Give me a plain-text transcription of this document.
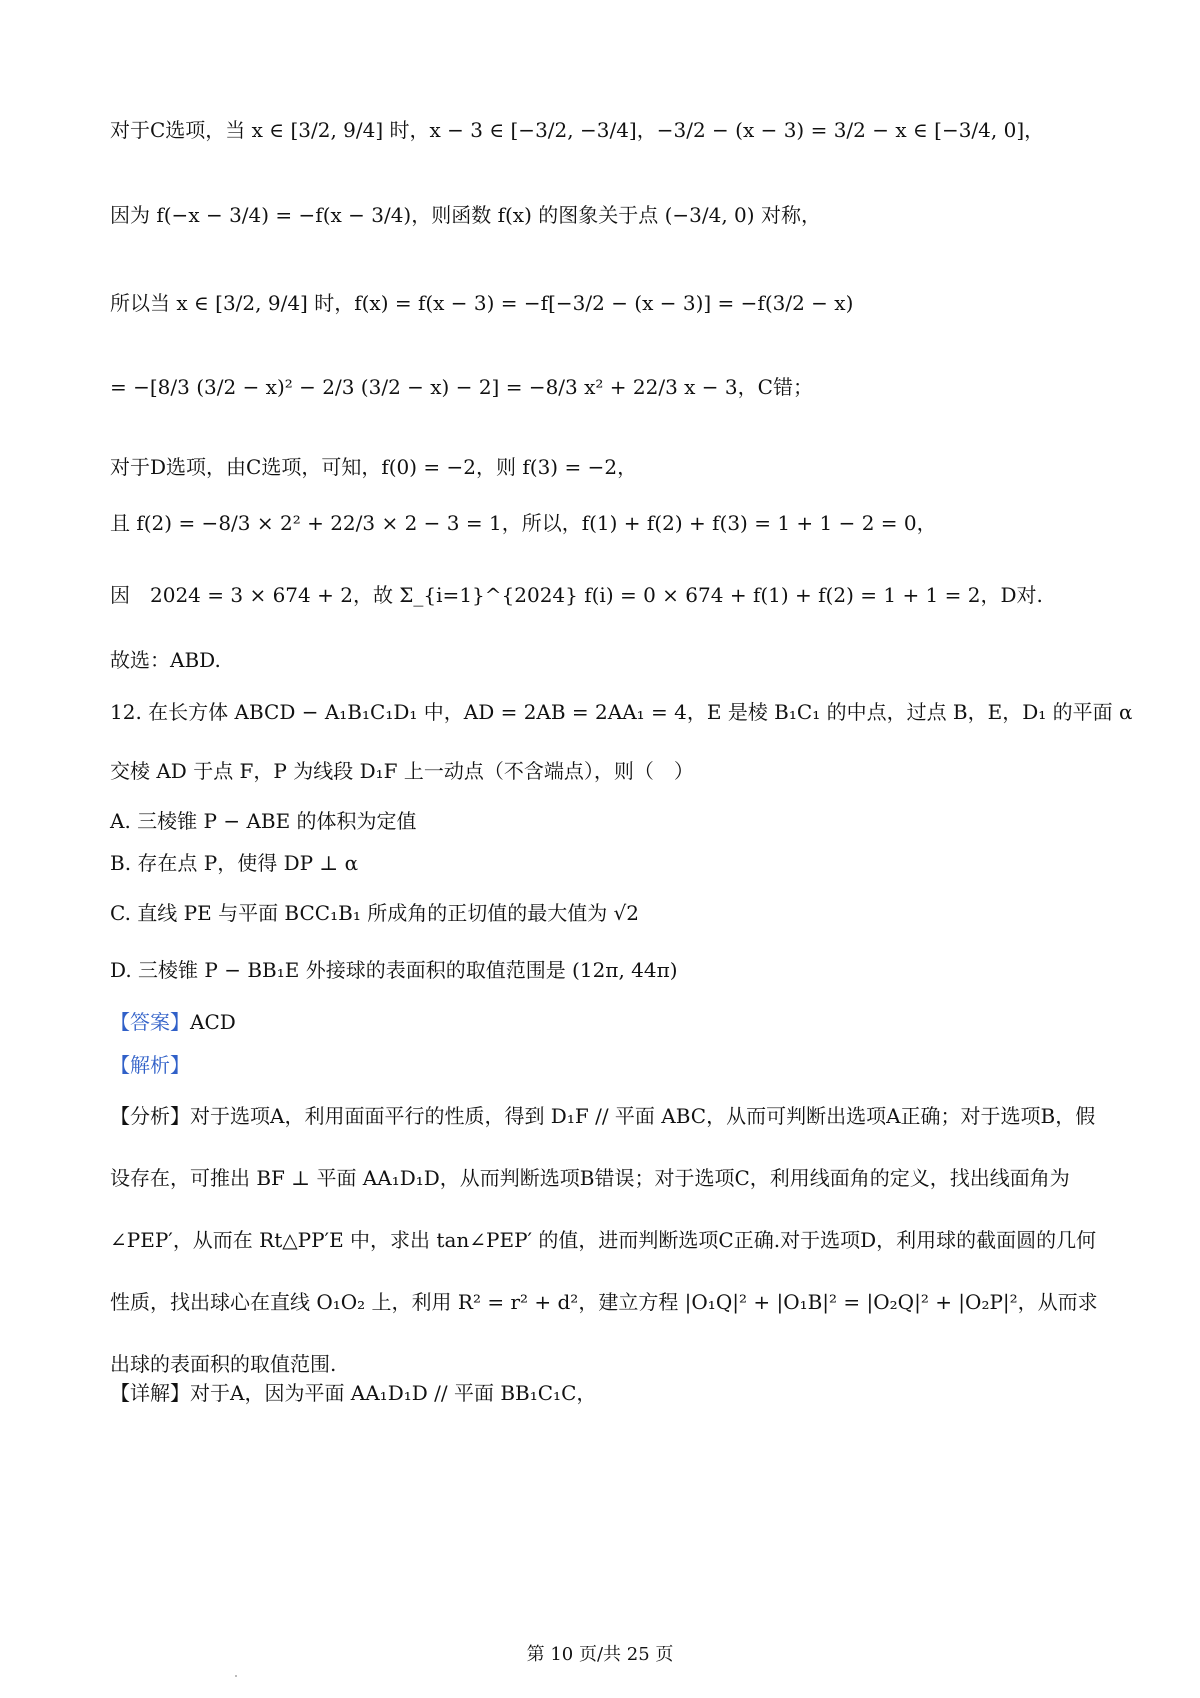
对于C选项，当 x ∈ [3/2, 9/4] 时，x − 3 ∈ [−3/2, −3/4]，−3/2 − (x − 3) = 3/2 − x ∈ [−3/4, 0]，
因为 f(−x − 3/4) = −f(x − 3/4)，则函数 f(x) 的图象关于点 (−3/4, 0) 对称，
所以当 x ∈ [3/2, 9/4] 时，f(x) = f(x − 3) = −f[−3/2 − (x − 3)] = −f(3/2 − x)
= −[8/3 (3/2 − x)² − 2/3 (3/2 − x) − 2] = −8/3 x² + 22/3 x − 3，C错；
对于D选项，由C选项，可知，f(0) = −2，则 f(3) = −2，
且 f(2) = −8/3 × 2² + 22/3 × 2 − 3 = 1，所以，f(1) + f(2) + f(3) = 1 + 1 − 2 = 0，
因　2024 = 3 × 674 + 2，故 Σ_{i=1}^{2024} f(i) = 0 × 674 + f(1) + f(2) = 1 + 1 = 2，D对.
故选：ABD.
12. 在长方体 ABCD − A₁B₁C₁D₁ 中，AD = 2AB = 2AA₁ = 4，E 是棱 B₁C₁ 的中点，过点 B，E，D₁ 的平面 α
交棱 AD 于点 F，P 为线段 D₁F 上一动点（不含端点），则（　）
A. 三棱锥 P − ABE 的体积为定值
B. 存在点 P，使得 DP ⊥ α
C. 直线 PE 与平面 BCC₁B₁ 所成角的正切值的最大值为 √2
D. 三棱锥 P − BB₁E 外接球的表面积的取值范围是 (12π, 44π)
【答案】ACD
【解析】
【分析】对于选项A，利用面面平行的性质，得到 D₁F // 平面 ABC，从而可判断出选项A正确；对于选项B，假设存在，可推出 BF ⊥ 平面 AA₁D₁D，从而判断选项B错误；对于选项C，利用线面角的定义，找出线面角为 ∠PEP′，从而在 Rt△PP′E 中，求出 tan∠PEP′ 的值，进而判断选项C正确.对于选项D，利用球的截面圆的几何性质，找出球心在直线 O₁O₂ 上，利用 R² = r² + d²，建立方程 |O₁Q|² + |O₁B|² = |O₂Q|² + |O₂P|²，从而求出球的表面积的取值范围.
【详解】对于A，因为平面 AA₁D₁D // 平面 BB₁C₁C，
第 10 页/共 25 页
